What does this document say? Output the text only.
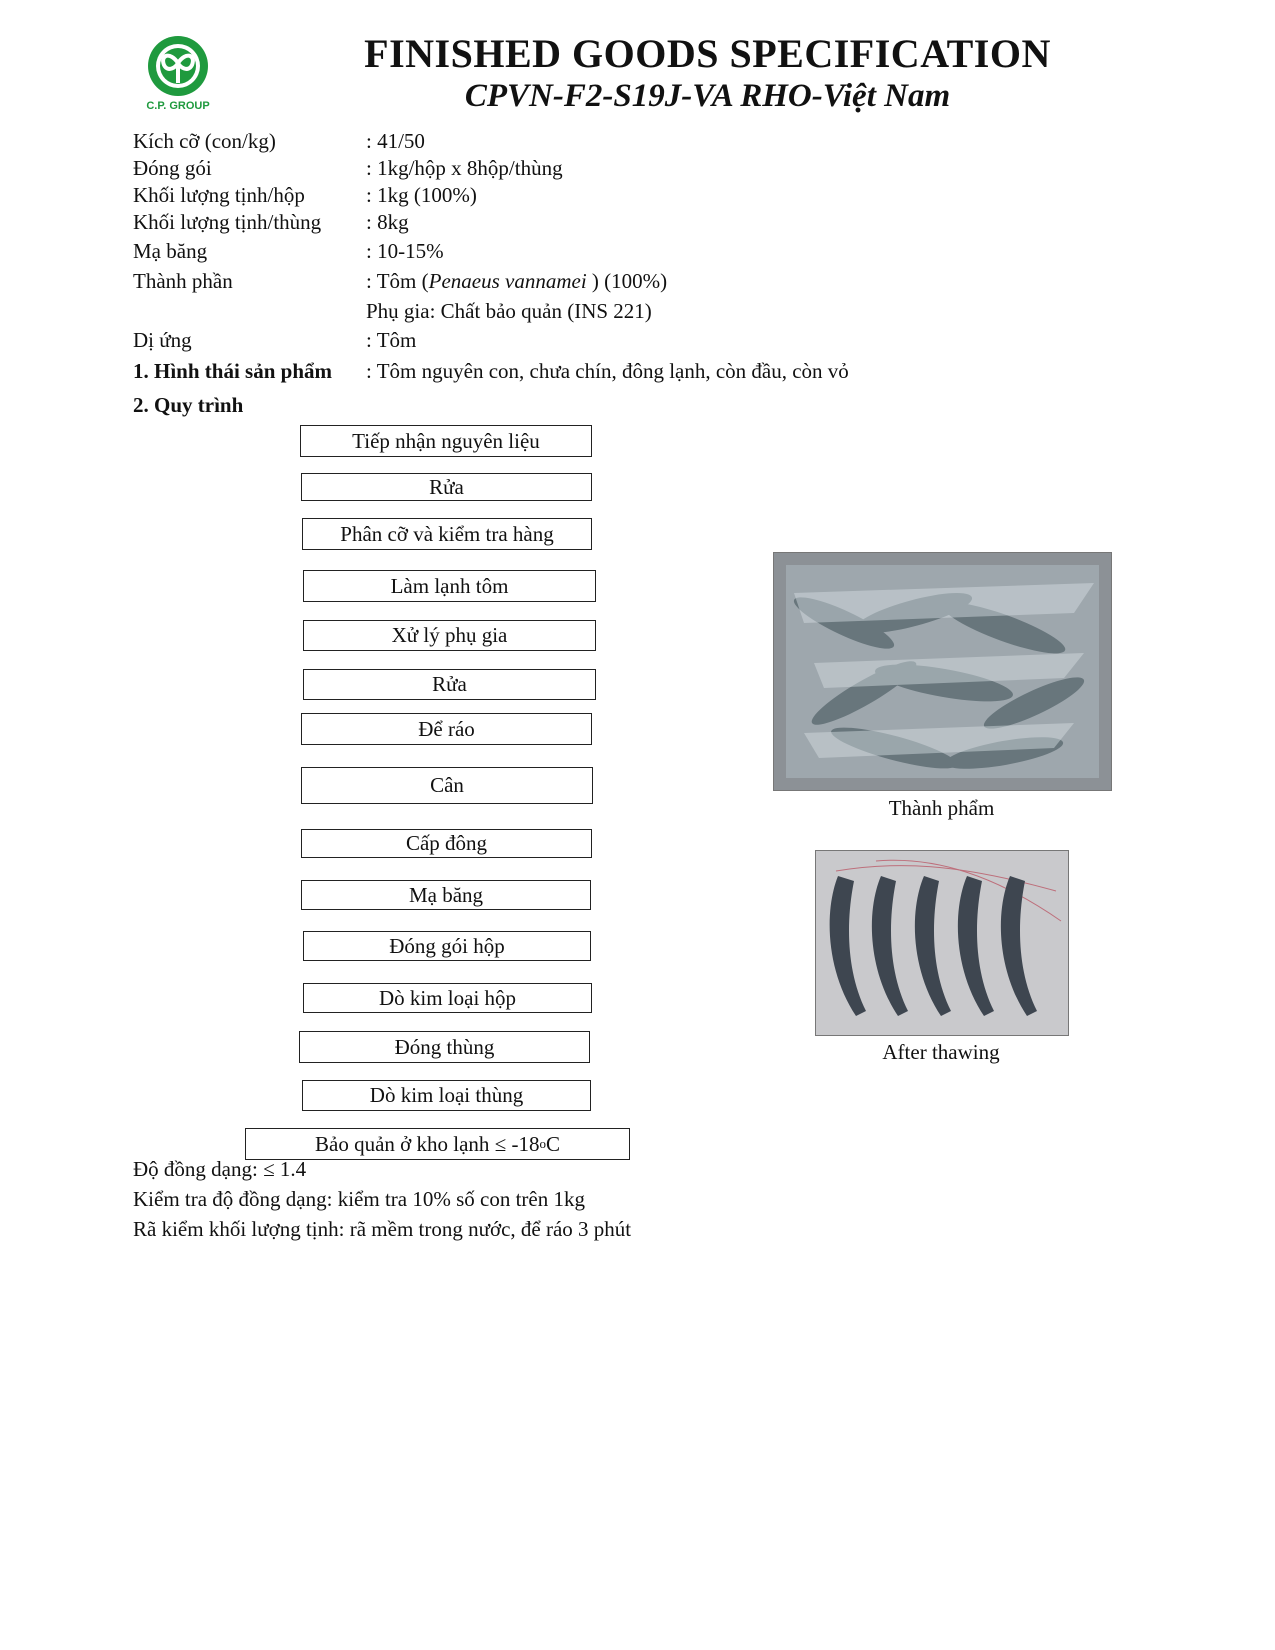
C.P. GROUP
FINISHED GOODS SPECIFICATION
CPVN-F2-S19J-VA RHO-Việt Nam
Kích cỡ (con/kg)	: 41/50
Đóng gói	: 1kg/hộp x 8hộp/thùng
Khối lượng tịnh/hộp	: 1kg (100%)
Khối lượng tịnh/thùng : 8kg
Mạ băng	: 10-15%
Thành phần	: Tôm (Penaeus vannamei ) (100%)
Phụ gia: Chất bảo quản (INS 221)
Dị ứng	: Tôm
1. Hình thái sản phẩm : Tôm nguyên con, chưa chín, đông lạnh, còn đầu, còn vỏ
2. Quy trình
Tiếp nhận nguyên liệu
Rửa
Phân cỡ và kiểm tra hàng
Làm lạnh tôm
Xử lý phụ gia
Rửa
Để ráo
Cân
Cấp đông
Mạ băng
Đóng gói hộp
Dò kim loại hộp
Đóng thùng
Dò kim loại thùng
Bảo quản ở kho lạnh ≤ -18 o C
Thành phẩm
After thawing
Độ đồng dạng: ≤ 1.4
Kiểm tra độ đồng dạng: kiểm tra 10% số con trên 1kg
Rã kiểm khối lượng tịnh: rã mềm trong nước, để ráo 3 phút
